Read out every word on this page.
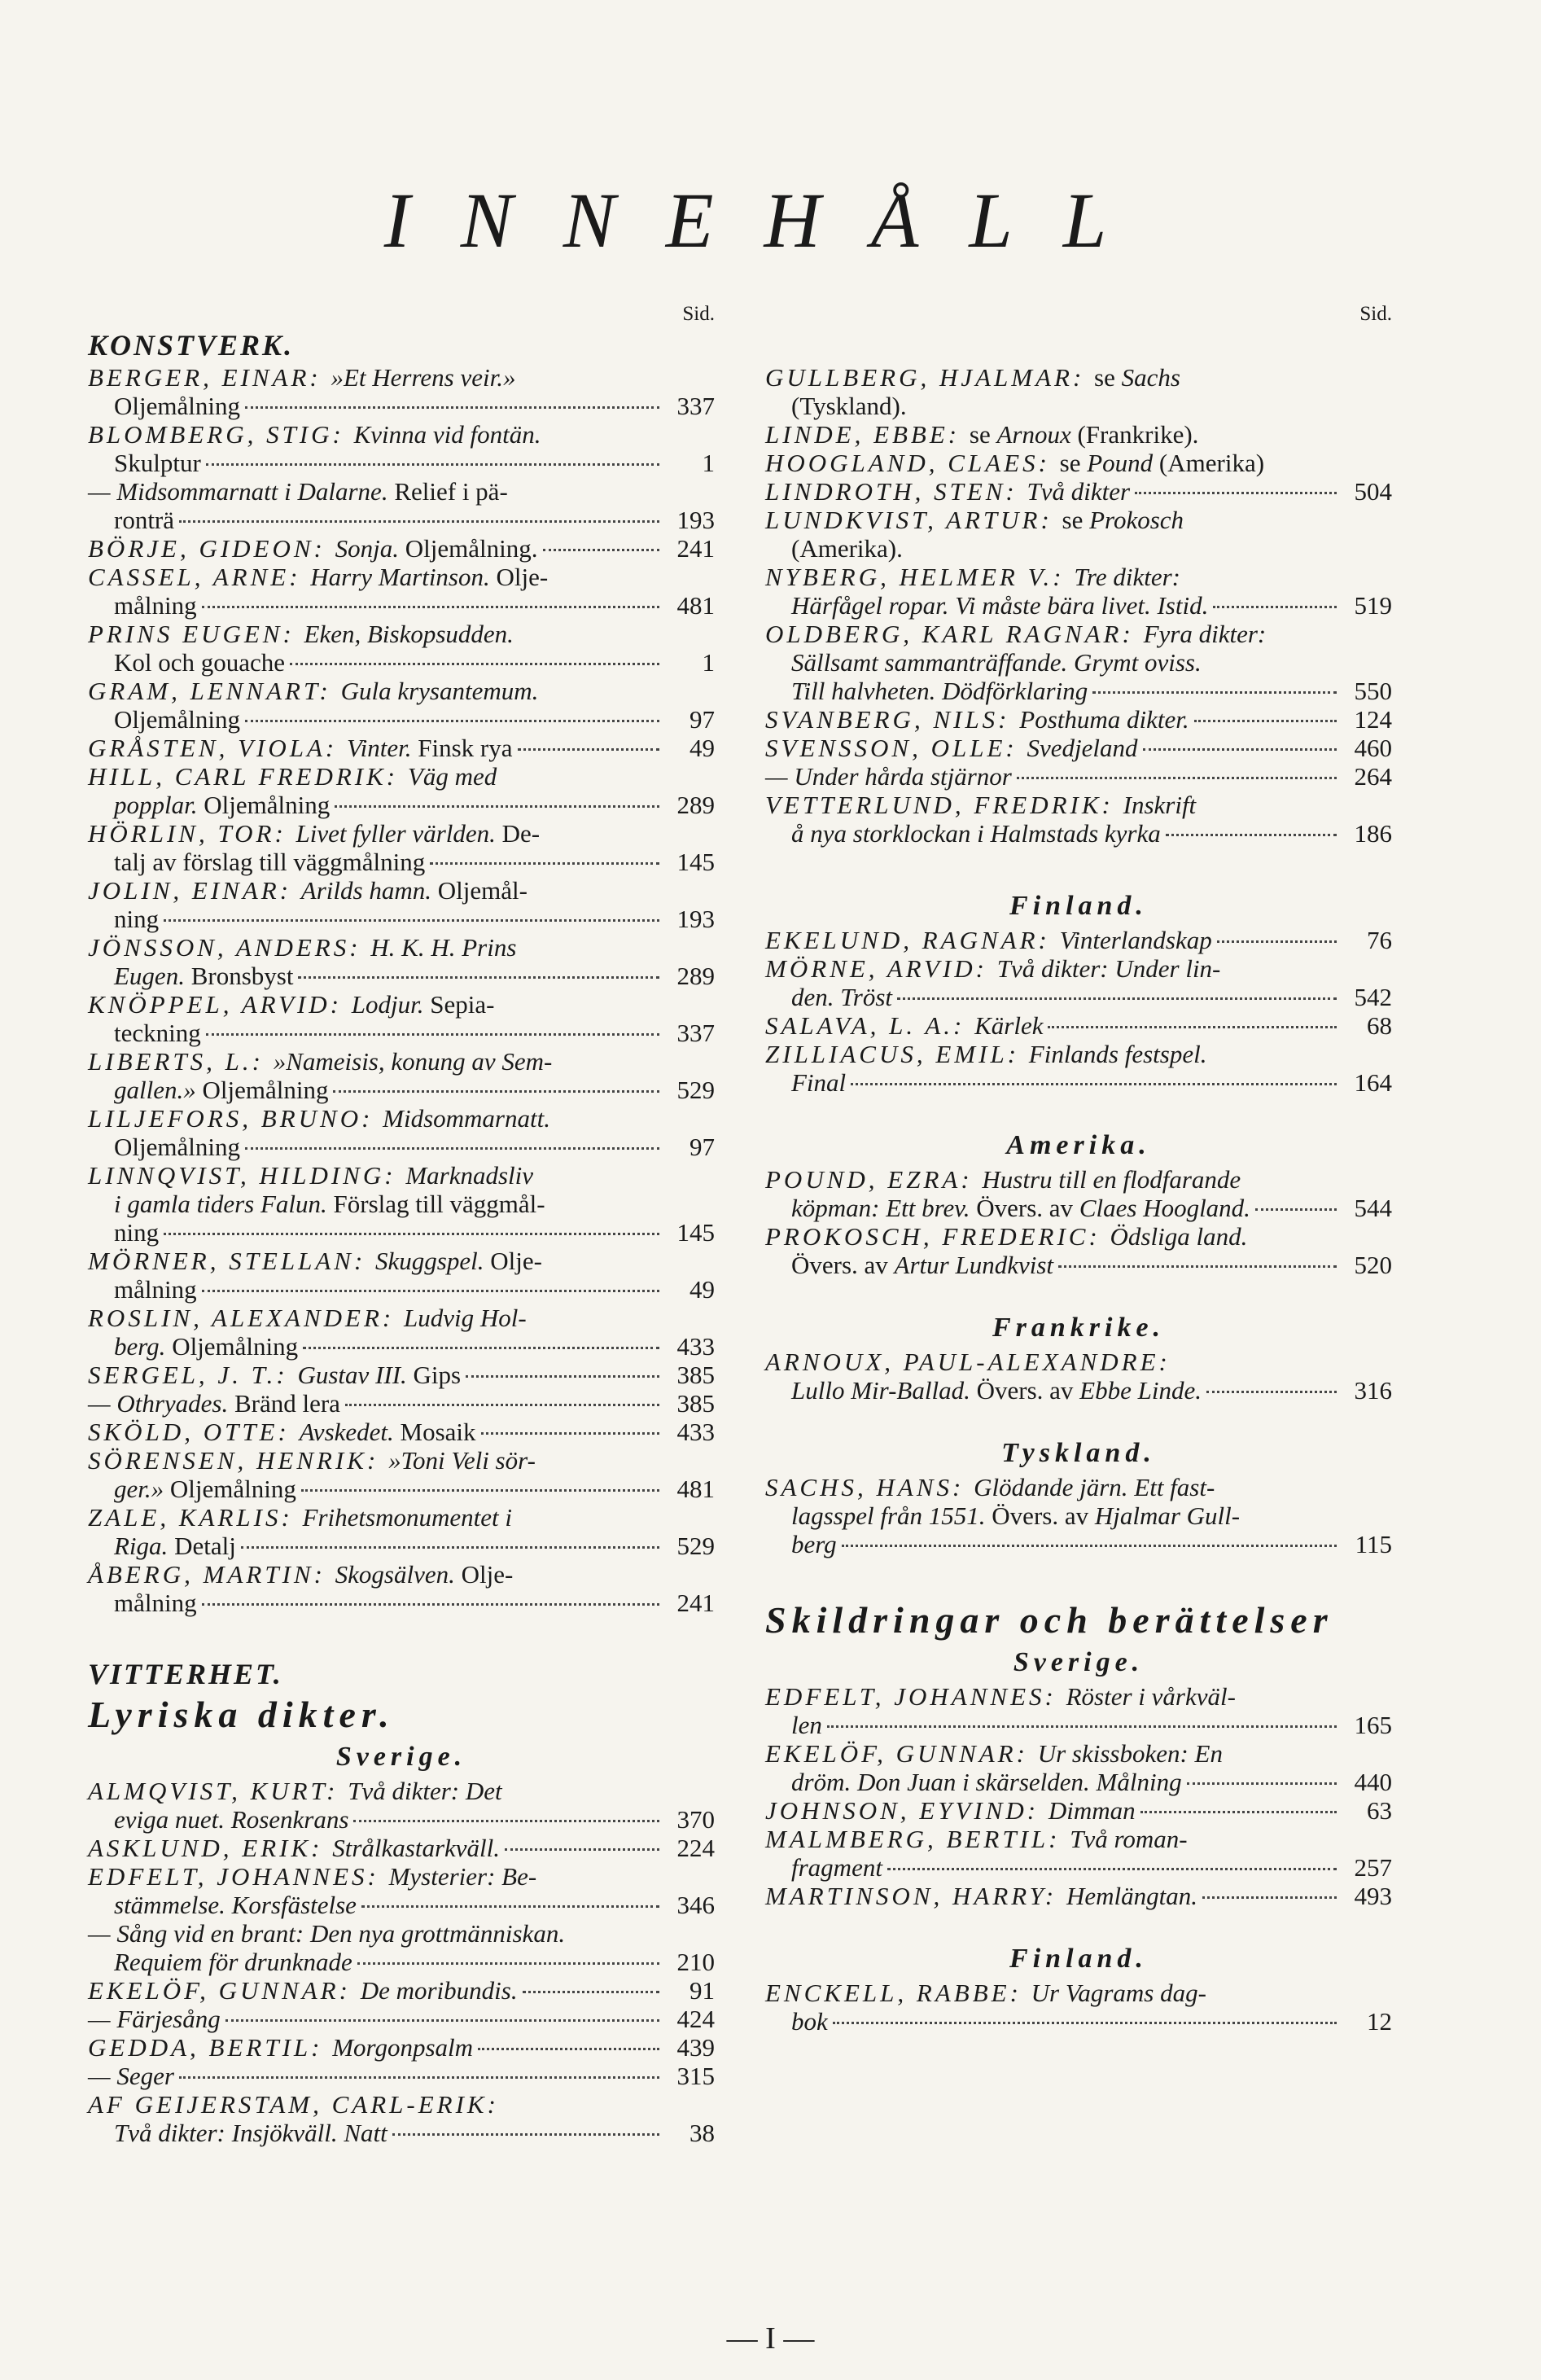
INNEHÅLL
Sid.
KONSTVERK.
BERGER, EINAR: »Et Herrens veir.»
Oljemålning	337
BLOMBERG, STIG: Kvinna vid fontän.
Skulptur	1
— Midsommarnatt i Dalarne. Relief i pä-
ronträ	193
BÖRJE, GIDEON: Sonja. Oljemålning.	241
CASSEL, ARNE: Harry Martinson. Olje-
målning	481
PRINS EUGEN: Eken, Biskopsudden.
Kol och gouache	1
GRAM, LENNART: Gula krysantemum.
Oljemålning	97
GRÅSTEN, VIOLA: Vinter. Finsk rya	49
HILL, CARL FREDRIK: Väg med
popplar. Oljemålning	289
HÖRLIN, TOR: Livet fyller världen. De-
talj av förslag till väggmålning	145
JOLIN, EINAR: Arilds hamn. Oljemål-
ning	193
JÖNSSON, ANDERS: H. K. H. Prins
Eugen. Bronsbyst	289
KNÖPPEL, ARVID: Lodjur. Sepia-
teckning	337
LIBERTS, L.: »Nameisis, konung av Sem-
gallen.» Oljemålning	529
LILJEFORS, BRUNO: Midsommarnatt.
Oljemålning	97
LINNQVIST, HILDING: Marknadsliv
i gamla tiders Falun. Förslag till väggmål-
ning	145
MÖRNER, STELLAN: Skuggspel. Olje-
målning	49
ROSLIN, ALEXANDER: Ludvig Hol-
berg. Oljemålning	433
SERGEL, J. T.: Gustav III. Gips	385
— Othryades. Bränd lera	385
SKÖLD, OTTE: Avskedet. Mosaik	433
SÖRENSEN, HENRIK: »Toni Veli sör-
ger.» Oljemålning	481
ZALE, KARLIS: Frihetsmonumentet i
Riga. Detalj	529
ÅBERG, MARTIN: Skogsälven. Olje-
målning	241
VITTERHET.
Lyriska dikter.
Sverige.
ALMQVIST, KURT: Två dikter: Det
eviga nuet. Rosenkrans	370
ASKLUND, ERIK: Strålkastarkväll.	224
EDFELT, JOHANNES: Mysterier: Be-
stämmelse. Korsfästelse	346
— Sång vid en brant: Den nya grottmänniskan.
Requiem för drunknade	210
EKELÖF, GUNNAR: De moribundis.	91
— Färjesång	424
GEDDA, BERTIL: Morgonpsalm	439
— Seger	315
AF GEIJERSTAM, CARL-ERIK:
Två dikter: Insjökväll. Natt	38
Sid.
GULLBERG, HJALMAR: se Sachs
(Tyskland).
LINDE, EBBE: se Arnoux (Frankrike).
HOOGLAND, CLAES: se Pound (Amerika)
LINDROTH, STEN: Två dikter	504
LUNDKVIST, ARTUR: se Prokosch
(Amerika).
NYBERG, HELMER V.: Tre dikter:
Härfågel ropar. Vi måste bära livet. Istid.	519
OLDBERG, KARL RAGNAR: Fyra dikter:
Sällsamt sammanträffande. Grymt oviss.
Till halvheten. Dödförklaring	550
SVANBERG, NILS: Posthuma dikter.	124
SVENSSON, OLLE: Svedjeland	460
— Under hårda stjärnor	264
VETTERLUND, FREDRIK: Inskrift
å nya storklockan i Halmstads kyrka	186
Finland.
EKELUND, RAGNAR: Vinterlandskap	76
MÖRNE, ARVID: Två dikter: Under lin-
den. Tröst	542
SALAVA, L. A.: Kärlek	68
ZILLIACUS, EMIL: Finlands festspel.
Final	164
Amerika.
POUND, EZRA: Hustru till en flodfarande
köpman: Ett brev. Övers. av Claes Hoogland.	544
PROKOSCH, FREDERIC: Ödsliga land.
Övers. av Artur Lundkvist	520
Frankrike.
ARNOUX, PAUL-ALEXANDRE:
Lullo Mir-Ballad. Övers. av Ebbe Linde.	316
Tyskland.
SACHS, HANS: Glödande järn. Ett fast-
lagsspel från 1551. Övers. av Hjalmar Gull-
berg	115
Skildringar och berättelser
Sverige.
EDFELT, JOHANNES: Röster i vårkväl-
len	165
EKELÖF, GUNNAR: Ur skissboken: En
dröm. Don Juan i skärselden. Målning	440
JOHNSON, EYVIND: Dimman	63
MALMBERG, BERTIL: Två roman-
fragment	257
MARTINSON, HARRY: Hemlängtan.	493
Finland.
ENCKELL, RABBE: Ur Vagrams dag-
bok	12
— I —
